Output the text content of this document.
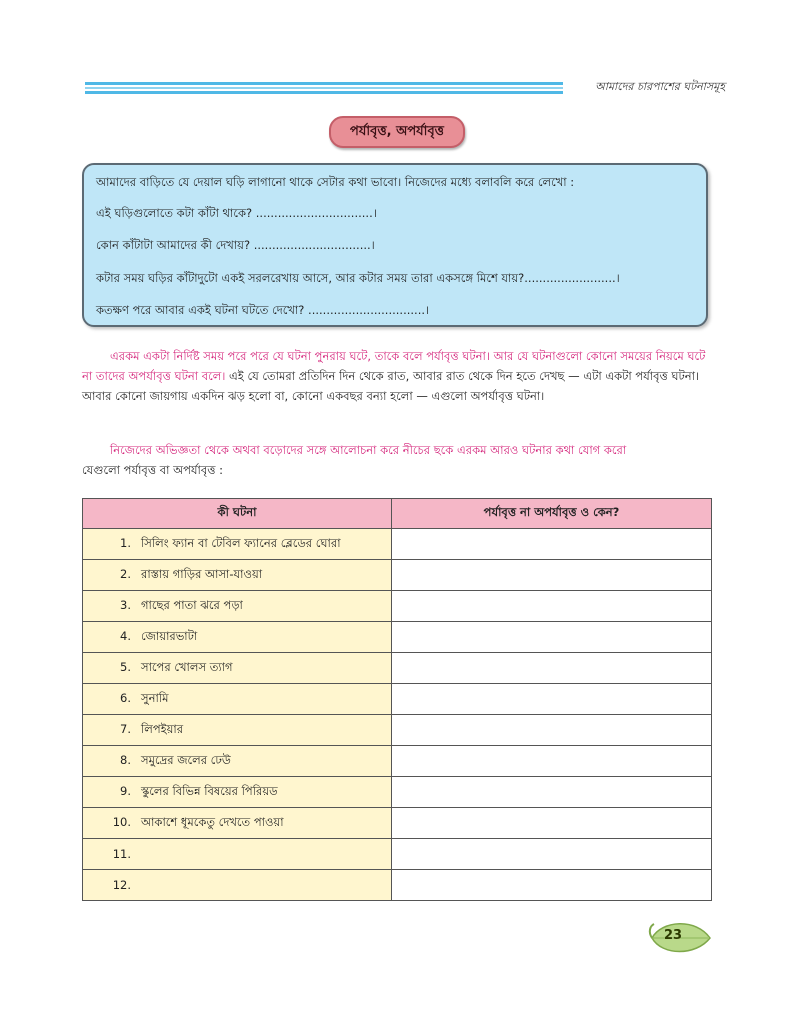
আমাদের চারপাশের ঘটনাসমূহ
পর্যাবৃত্ত, অপর্যাবৃত্ত
আমাদের বাড়িতে যে দেয়াল ঘড়ি লাগানো থাকে সেটার কথা ভাবো। নিজেদের মধ্যে বলাবলি করে লেখো :
এই ঘড়িগুলোতে কটা কাঁটা থাকে? ................................।
কোন কাঁটাটা আমাদের কী দেখায়? ................................।
কটার সময় ঘড়ির কাঁটাদুটো একই সরলরেখায় আসে, আর কটার সময় তারা একসঙ্গে মিশে যায়?.........................।
কতক্ষণ পরে আবার একই ঘটনা ঘটতে দেখো? ................................।
এরকম একটা নির্দিষ্ট সময় পরে পরে যে ঘটনা পুনরায় ঘটে, তাকে বলে পর্যাবৃত্ত ঘটনা। আর যে ঘটনাগুলো কোনো সময়ের নিয়মে ঘটে না তাদের অপর্যাবৃত্ত ঘটনা বলে। এই যে তোমরা প্রতিদিন দিন থেকে রাত, আবার রাত থেকে দিন হতে দেখছ — এটা একটা পর্যাবৃত্ত ঘটনা। আবার কোনো জায়গায় একদিন ঝড় হলো বা, কোনো একবছর বন্যা হলো — এগুলো অপর্যাবৃত্ত ঘটনা।
নিজেদের অভিজ্ঞতা থেকে অথবা বড়োদের সঙ্গে আলোচনা করে নীচের ছকে এরকম আরও ঘটনার কথা যোগ করো
যেগুলো পর্যাবৃত্ত বা অপর্যাবৃত্ত :
কী ঘটনা	পর্যাবৃত্ত না অপর্যাবৃত্ত ও কেন?
1. সিলিং ফ্যান বা টেবিল ফ্যানের ব্লেডের ঘোরা	
2. রাস্তায় গাড়ির আসা-যাওয়া	
3. গাছের পাতা ঝরে পড়া	
4. জোয়ারভাটা	
5. সাপের খোলস ত্যাগ	
6. সুনামি	
7. লিপইয়ার	
8. সমুদ্রের জলের ঢেউ	
9. স্কুলের বিভিন্ন বিষয়ের পিরিয়ড	
10. আকাশে ধূমকেতু দেখতে পাওয়া	
11.	
12.	
23
